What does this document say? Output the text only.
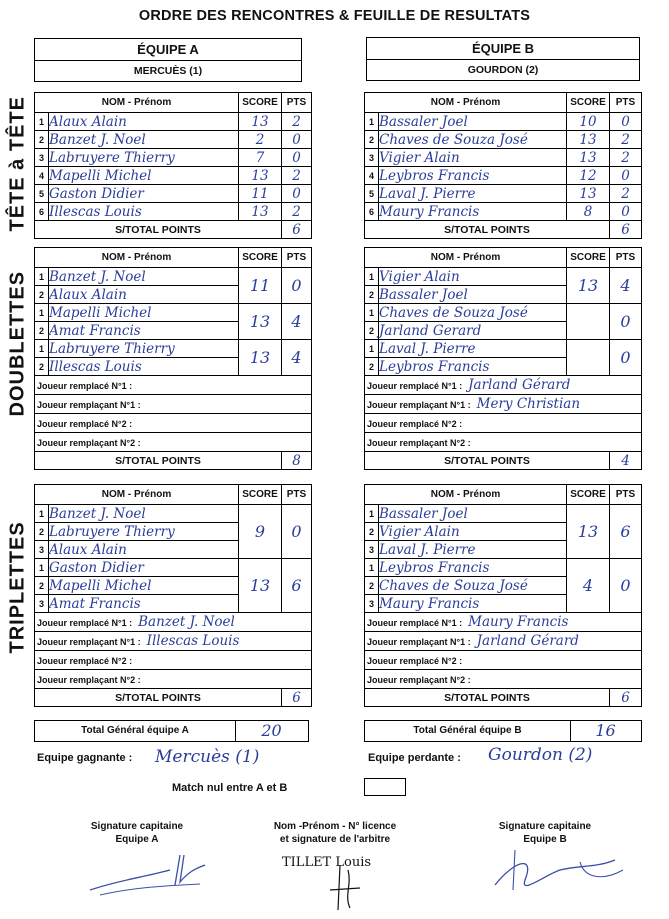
ORDRE DES RENCONTRES & FEUILLE DE RESULTATS
ÉQUIPE A
MERCUÈS (1)
ÉQUIPE B
GOURDON (2)
TÊTE à TÊTE
DOUBLETTES
TRIPLETTES
NOM - Prénom		SCORE	PTS
1	Alaux Alain	13	2
2	Banzet J. Noel	2	0
3	Labruyere Thierry	7	0
4	Mapelli Michel	13	2
5	Gaston Didier	11	0
6	Illescas Louis	13	2
S/TOTAL POINTS			6
NOM - Prénom		SCORE	PTS
1	Bassaler Joel	10	0
2	Chaves de Souza José	13	2
3	Vigier Alain	13	2
4	Leybros Francis	12	0
5	Laval J. Pierre	13	2
6	Maury Francis	8	0
S/TOTAL POINTS			6
NOM - Prénom		SCORE	PTS
1	Banzet J. Noel	11	0
2	Alaux Alain		
1	Mapelli Michel	13	4
2	Amat Francis		
1	Labruyere Thierry	13	4
2	Illescas Louis		
Joueur remplacé N°1 :			
Joueur remplaçant N°1 :			
Joueur remplacé N°2 :			
Joueur remplaçant N°2 :			
S/TOTAL POINTS			8
NOM - Prénom		SCORE	PTS
1	Vigier Alain	13	4
2	Bassaler Joel		
1	Chaves de Souza José		0
2	Jarland Gerard		
1	Laval J. Pierre		0
2	Leybros Francis		
Joueur remplacé N°1 : Jarland Gérard			
Joueur remplaçant N°1 : Mery Christian			
Joueur remplacé N°2 :			
Joueur remplaçant N°2 :			
S/TOTAL POINTS			4
NOM - Prénom		SCORE	PTS
1	Banzet J. Noel	9	0
2	Labruyere Thierry		
3	Alaux Alain		
1	Gaston Didier	13	6
2	Mapelli Michel		
3	Amat Francis		
Joueur remplacé N°1 : Banzet J. Noel			
Joueur remplaçant N°1 : Illescas Louis			
Joueur remplacé N°2 :			
Joueur remplaçant N°2 :			
S/TOTAL POINTS			6
NOM - Prénom		SCORE	PTS
1	Bassaler Joel	13	6
2	Vigier Alain		
3	Laval J. Pierre		
1	Leybros Francis	4	0
2	Chaves de Souza José		
3	Maury Francis		
Joueur remplacé N°1 : Maury Francis			
Joueur remplaçant N°1 : Jarland Gérard			
Joueur remplacé N°2 :			
Joueur remplaçant N°2 :			
S/TOTAL POINTS			6
Total Général équipe A	20	Total Général équipe B	16
Equipe gagnante : Mercuès (1)	Equipe perdante : Gourdon (2)
Match nul entre A et B
Signature capitaine
Equipe A
Nom -Prénom - N° licence
et signature de l'arbitre
Signature capitaine
Equipe B
TILLET Louis
